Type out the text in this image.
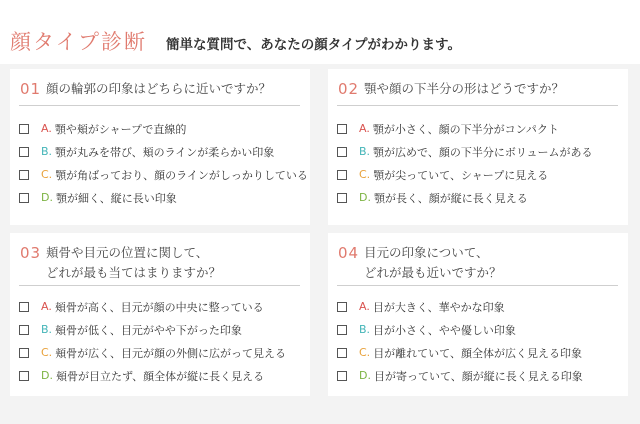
顔タイプ診断 簡単な質問で、あなたの顔タイプがわかります。
01 顔の輪郭の印象はどちらに近いですか？
A. 顎や頬がシャープで直線的
B. 顎が丸みを帯び、頬のラインが柔らかい印象
C. 顎が角ばっており、顔のラインがしっかりしている
D. 顎が細く、縦に長い印象
02 顎や顔の下半分の形はどうですか？
A. 顎が小さく、顔の下半分がコンパクト
B. 顎が広めで、顔の下半分にボリュームがある
C. 顎が尖っていて、シャープに見える
D. 顎が長く、顔が縦に長く見える
03 頬骨や目元の位置に関して、
どれが最も当てはまりますか？
A. 頬骨が高く、目元が顔の中央に整っている
B. 頬骨が低く、目元がやや下がった印象
C. 頬骨が広く、目元が顔の外側に広がって見える
D. 頬骨が目立たず、顔全体が縦に長く見える
04 目元の印象について、
どれが最も近いですか？
A. 目が大きく、華やかな印象
B. 目が小さく、やや優しい印象
C. 目が離れていて、顔全体が広く見える印象
D. 目が寄っていて、顔が縦に長く見える印象
